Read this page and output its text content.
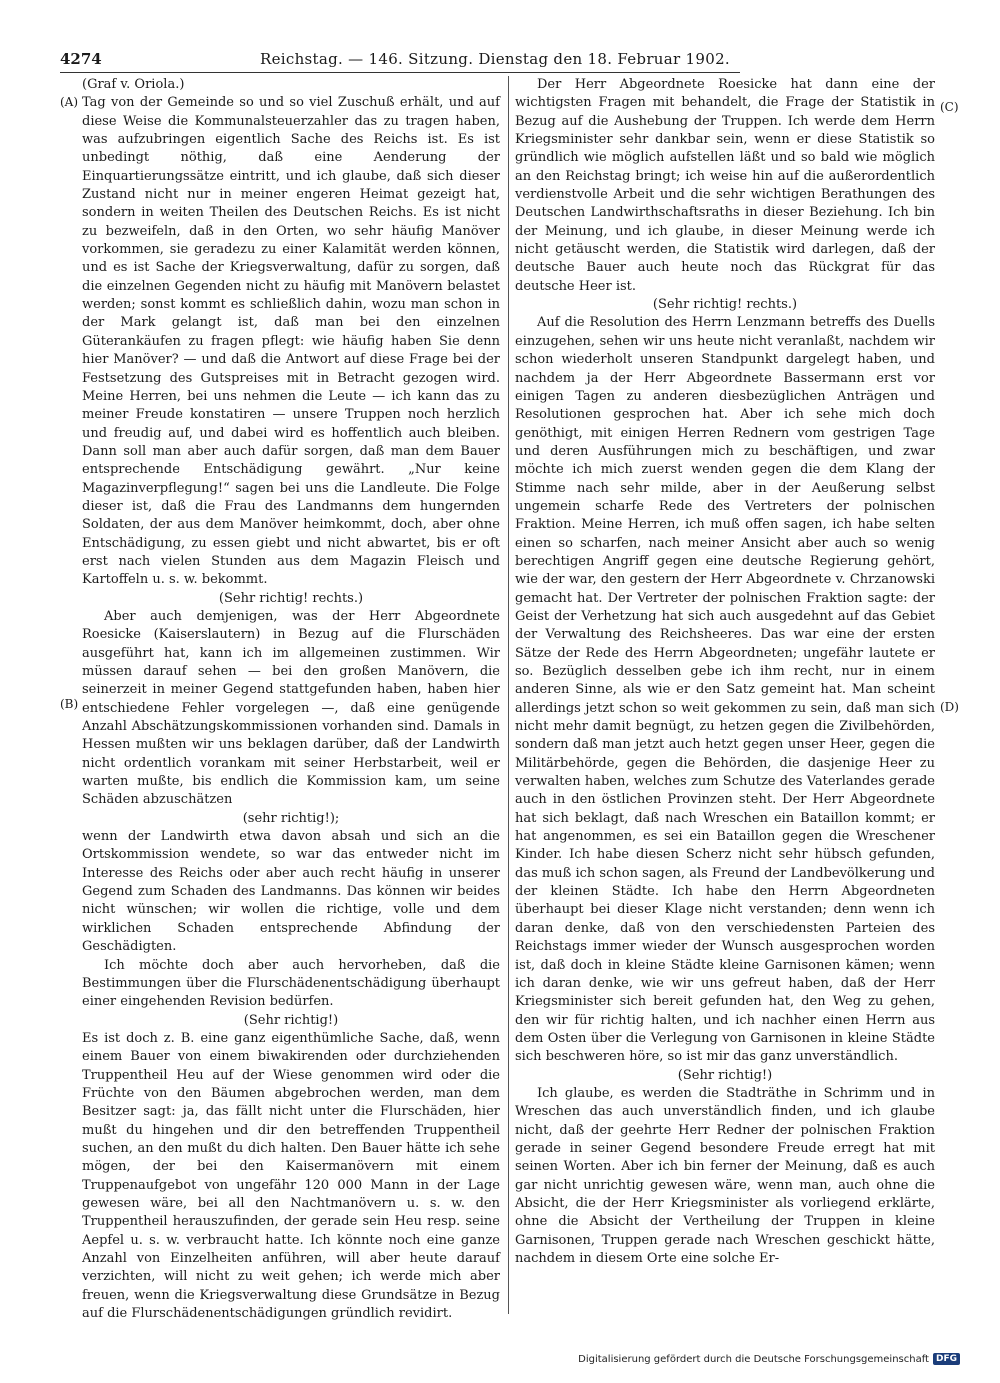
4274	Reichstag. — 146. Sitzung. Dienstag den 18. Februar 1902.
(A)
(B)
(C)
(D)

(Graf v. Oriola.)

Tag von der Gemeinde so und so viel Zuschuß erhält, und auf diese Weise die Kommunalsteuerzahler das zu tragen haben, was aufzubringen eigentlich Sache des Reichs ist. Es ist unbedingt nöthig, daß eine Aenderung der Einquartierungssätze eintritt, und ich glaube, daß sich dieser Zustand nicht nur in meiner engeren Heimat gezeigt hat, sondern in weiten Theilen des Deutschen Reichs. Es ist nicht zu bezweifeln, daß in den Orten, wo sehr häufig Manöver vorkommen, sie geradezu zu einer Kalamität werden können, und es ist Sache der Kriegsverwaltung, dafür zu sorgen, daß die einzelnen Gegenden nicht zu häufig mit Manövern belastet werden; sonst kommt es schließlich dahin, wozu man schon in der Mark gelangt ist, daß man bei den einzelnen Güterankäufen zu fragen pflegt: wie häufig haben Sie denn hier Manöver? — und daß die Antwort auf diese Frage bei der Festsetzung des Gutspreises mit in Betracht gezogen wird. Meine Herren, bei uns nehmen die Leute — ich kann das zu meiner Freude konstatiren — unsere Truppen noch herzlich und freudig auf, und dabei wird es hoffentlich auch bleiben. Dann soll man aber auch dafür sorgen, daß man dem Bauer entsprechende Entschädigung gewährt. „Nur keine Magazinverpflegung!“ sagen bei uns die Landleute. Die Folge dieser ist, daß die Frau des Landmanns dem hungernden Soldaten, der aus dem Manöver heimkommt, doch, aber ohne Entschädigung, zu essen giebt und nicht abwartet, bis er oft erst nach vielen Stunden aus dem Magazin Fleisch und Kartoffeln u. s. w. bekommt.

(Sehr richtig! rechts.)

Aber auch demjenigen, was der Herr Abgeordnete Roesicke (Kaiserslautern) in Bezug auf die Flurschäden ausgeführt hat, kann ich im allgemeinen zustimmen. Wir müssen darauf sehen — bei den großen Manövern, die seinerzeit in meiner Gegend stattgefunden haben, haben hier entschiedene Fehler vorgelegen —, daß eine genügende Anzahl Abschätzungskommissionen vorhanden sind. Damals in Hessen mußten wir uns beklagen darüber, daß der Landwirth nicht ordentlich vorankam mit seiner Herbstarbeit, weil er warten mußte, bis endlich die Kommission kam, um seine Schäden abzuschätzen

(sehr richtig!);

wenn der Landwirth etwa davon absah und sich an die Ortskommission wendete, so war das entweder nicht im Interesse des Reichs oder aber auch recht häufig in unserer Gegend zum Schaden des Landmanns. Das können wir beides nicht wünschen; wir wollen die richtige, volle und dem wirklichen Schaden entsprechende Abfindung der Geschädigten.

Ich möchte doch aber auch hervorheben, daß die Bestimmungen über die Flurschädenentschädigung überhaupt einer eingehenden Revision bedürfen.

(Sehr richtig!)

Es ist doch z. B. eine ganz eigenthümliche Sache, daß, wenn einem Bauer von einem biwakirenden oder durchziehenden Truppentheil Heu auf der Wiese genommen wird oder die Früchte von den Bäumen abgebrochen werden, man dem Besitzer sagt: ja, das fällt nicht unter die Flurschäden, hier mußt du hingehen und dir den betreffenden Truppentheil suchen, an den mußt du dich halten. Den Bauer hätte ich sehe mögen, der bei den Kaisermanövern mit einem Truppenaufgebot von ungefähr 120 000 Mann in der Lage gewesen wäre, bei all den Nachtmanövern u. s. w. den Truppentheil herauszufinden, der gerade sein Heu resp. seine Aepfel u. s. w. verbraucht hatte. Ich könnte noch eine ganze Anzahl von Einzelheiten anführen, will aber heute darauf verzichten, will nicht zu weit gehen; ich werde mich aber freuen, wenn die Kriegsverwaltung diese Grundsätze in Bezug auf die Flurschädenentschädigungen gründlich revidirt.

Der Herr Abgeordnete Roesicke hat dann eine der wichtigsten Fragen mit behandelt, die Frage der Statistik in Bezug auf die Aushebung der Truppen. Ich werde dem Herrn Kriegsminister sehr dankbar sein, wenn er diese Statistik so gründlich wie möglich aufstellen läßt und so bald wie möglich an den Reichstag bringt; ich weise hin auf die außerordentlich verdienstvolle Arbeit und die sehr wichtigen Berathungen des Deutschen Landwirthschaftsraths in dieser Beziehung. Ich bin der Meinung, und ich glaube, in dieser Meinung werde ich nicht getäuscht werden, die Statistik wird darlegen, daß der deutsche Bauer auch heute noch das Rückgrat für das deutsche Heer ist.

(Sehr richtig! rechts.)

Auf die Resolution des Herrn Lenzmann betreffs des Duells einzugehen, sehen wir uns heute nicht veranlaßt, nachdem wir schon wiederholt unseren Standpunkt dargelegt haben, und nachdem ja der Herr Abgeordnete Bassermann erst vor einigen Tagen zu anderen diesbezüglichen Anträgen und Resolutionen gesprochen hat. Aber ich sehe mich doch genöthigt, mit einigen Herren Rednern vom gestrigen Tage und deren Ausführungen mich zu beschäftigen, und zwar möchte ich mich zuerst wenden gegen die dem Klang der Stimme nach sehr milde, aber in der Aeußerung selbst ungemein scharfe Rede des Vertreters der polnischen Fraktion. Meine Herren, ich muß offen sagen, ich habe selten einen so scharfen, nach meiner Ansicht aber auch so wenig berechtigen Angriff gegen eine deutsche Regierung gehört, wie der war, den gestern der Herr Abgeordnete v. Chrzanowski gemacht hat. Der Vertreter der polnischen Fraktion sagte: der Geist der Verhetzung hat sich auch ausgedehnt auf das Gebiet der Verwaltung des Reichsheeres. Das war eine der ersten Sätze der Rede des Herrn Abgeordneten; ungefähr lautete er so. Bezüglich desselben gebe ich ihm recht, nur in einem anderen Sinne, als wie er den Satz gemeint hat. Man scheint allerdings jetzt schon so weit gekommen zu sein, daß man sich nicht mehr damit begnügt, zu hetzen gegen die Zivilbehörden, sondern daß man jetzt auch hetzt gegen unser Heer, gegen die Militärbehörde, gegen die Behörden, die dasjenige Heer zu verwalten haben, welches zum Schutze des Vaterlandes gerade auch in den östlichen Provinzen steht. Der Herr Abgeordnete hat sich beklagt, daß nach Wreschen ein Bataillon kommt; er hat angenommen, es sei ein Bataillon gegen die Wreschener Kinder. Ich habe diesen Scherz nicht sehr hübsch gefunden, das muß ich schon sagen, als Freund der Landbevölkerung und der kleinen Städte. Ich habe den Herrn Abgeordneten überhaupt bei dieser Klage nicht verstanden; denn wenn ich daran denke, daß von den verschiedensten Parteien des Reichstags immer wieder der Wunsch ausgesprochen worden ist, daß doch in kleine Städte kleine Garnisonen kämen; wenn ich daran denke, wie wir uns gefreut haben, daß der Herr Kriegsminister sich bereit gefunden hat, den Weg zu gehen, den wir für richtig halten, und ich nachher einen Herrn aus dem Osten über die Verlegung von Garnisonen in kleine Städte sich beschweren höre, so ist mir das ganz unverständlich.

(Sehr richtig!)

Ich glaube, es werden die Stadträthe in Schrimm und in Wreschen das auch unverständlich finden, und ich glaube nicht, daß der geehrte Herr Redner der polnischen Fraktion gerade in seiner Gegend besondere Freude erregt hat mit seinen Worten. Aber ich bin ferner der Meinung, daß es auch gar nicht unrichtig gewesen wäre, wenn man, auch ohne die Absicht, die der Herr Kriegsminister als vorliegend erklärte, ohne die Absicht der Vertheilung der Truppen in kleine Garnisonen, Truppen gerade nach Wreschen geschickt hätte, nachdem in diesem Orte eine solche Er-

Digitalisierung gefördert durch die Deutsche Forschungsgemeinschaft DFG
